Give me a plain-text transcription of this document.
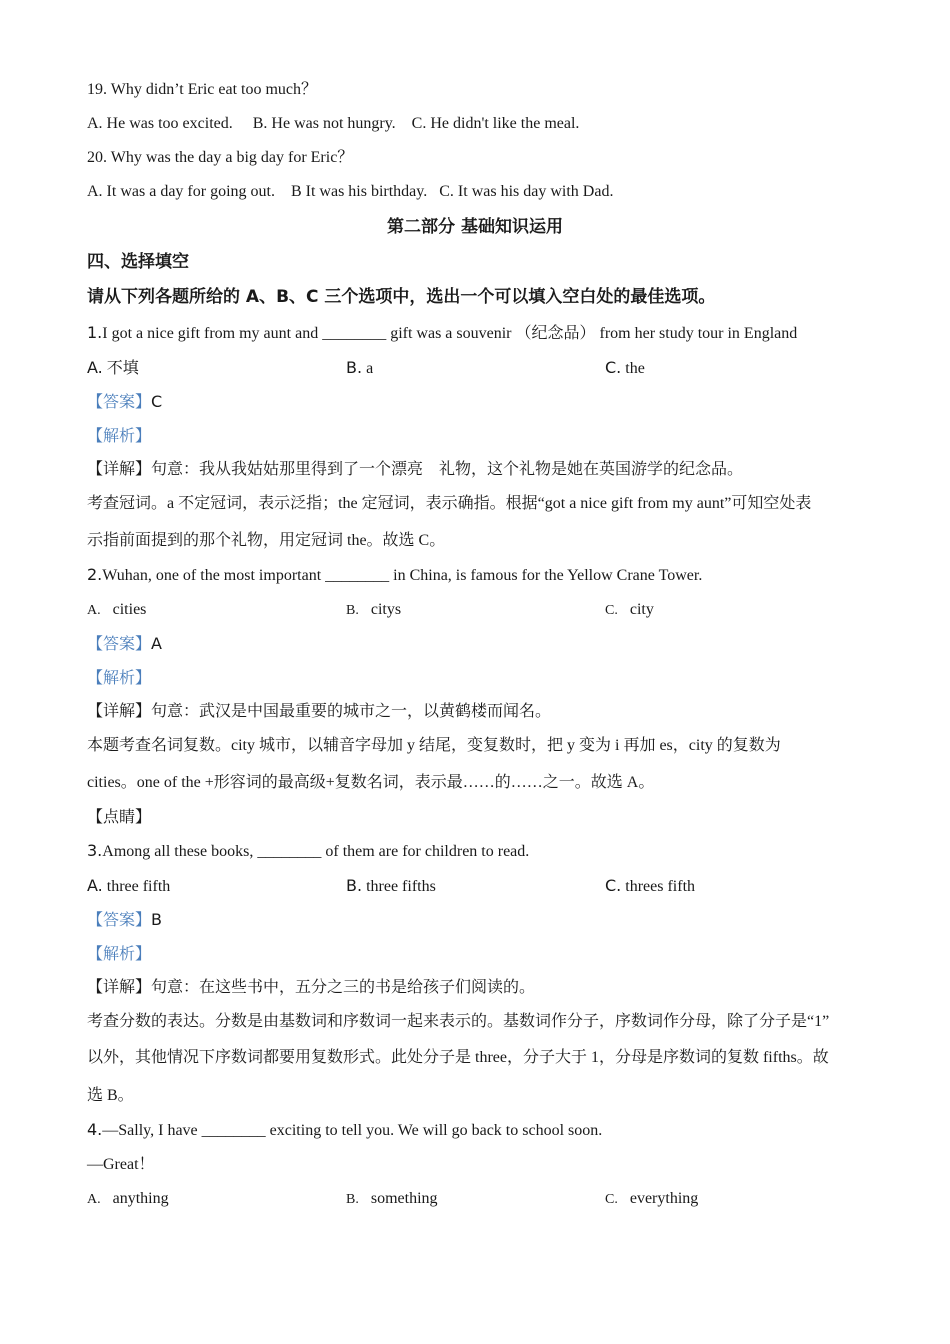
19. Why didn’t Eric eat too much？
A. He was too excited.     B. He was not hungry.    C. He didn't like the meal.
20. Why was the day a big day for Eric？
A. It was a day for going out.    B It was his birthday.   C. It was his day with Dad.
第二部分 基础知识运用
四、选择填空
请从下列各题所给的 A、B、C 三个选项中，选出一个可以填入空白处的最佳选项。
1.I got a nice gift from my aunt and ________ gift was a souvenir （纪念品） from her study tour in England
A. 不填	B. a	C. the
【答案】C
【解析】
【详解】句意：我从我姑姑那里得到了一个漂亮    礼物，这个礼物是她在英国游学的纪念品。
考查冠词。a 不定冠词，表示泛指；the 定冠词，表示确指。根据“got a nice gift from my aunt”可知空处表
示指前面提到的那个礼物，用定冠词 the。故选 C。
2.Wuhan, one of the most important ________ in China, is famous for the Yellow Crane Tower.
A. cities	B. citys	C. city
【答案】A
【解析】
【详解】句意：武汉是中国最重要的城市之一，以黄鹤楼而闻名。
本题考查名词复数。city 城市，以辅音字母加 y 结尾，变复数时，把 y 变为 i 再加 es，city 的复数为
cities。one of the +形容词的最高级+复数名词，表示最……的……之一。故选 A。
【点睛】
3.Among all these books, ________ of them are for children to read.
A. three fifth	B. three fifths	C. threes fifth
【答案】B
【解析】
【详解】句意：在这些书中，五分之三的书是给孩子们阅读的。
考查分数的表达。分数是由基数词和序数词一起来表示的。基数词作分子，序数词作分母，除了分子是“1”
以外，其他情况下序数词都要用复数形式。此处分子是 three，分子大于 1，分母是序数词的复数 fifths。故
选 B。
4.—Sally, I have ________ exciting to tell you. We will go back to school soon.
—Great！
A. anything	B. something	C. everything
